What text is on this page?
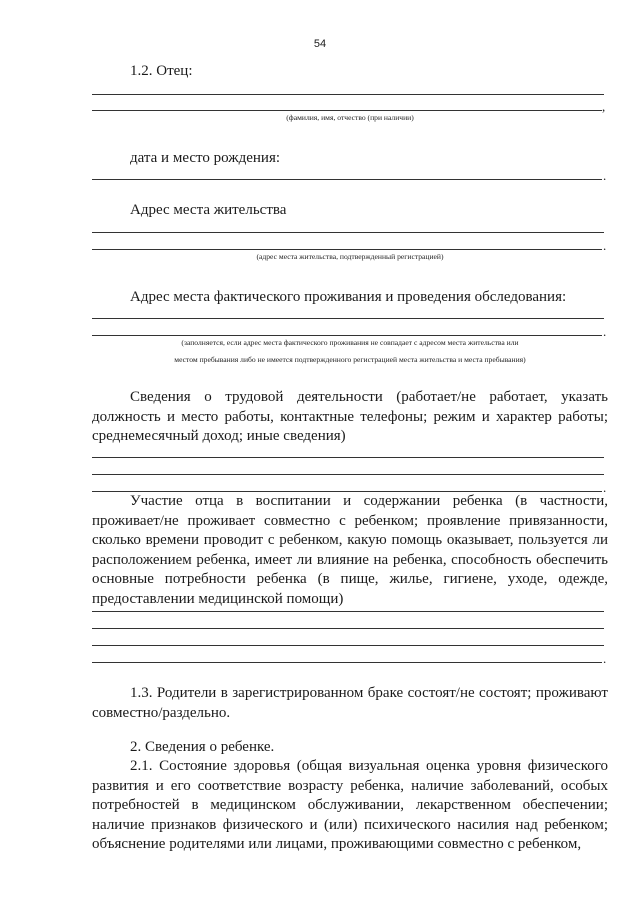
54
1.2. Отец:
,
(фамилия, имя, отчество (при наличии)
дата и место рождения:
.
Адрес места жительства
.
(адрес места жительства, подтвержденный регистрацией)
Адрес места фактического проживания и проведения обследования:
.
(заполняется, если адрес места фактического проживания не совпадает с адресом места жительства или
местом пребывания либо не имеется подтвержденного регистрацией места жительства и места пребывания)
Сведения о трудовой деятельности (работает/не работает, указать должность и место работы, контактные телефоны; режим и характер работы; среднемесячный доход; иные сведения)
.
Участие отца в воспитании и содержании ребенка (в частности, проживает/не проживает совместно с ребенком; проявление привязанности, сколько времени проводит с ребенком, какую помощь оказывает, пользуется ли расположением ребенка, имеет ли влияние на ребенка, способность обеспечить основные потребности ребенка (в пище, жилье, гигиене, уходе, одежде, предоставлении медицинской помощи)
.
1.3. Родители в зарегистрированном браке состоят/не состоят; проживают совместно/раздельно.
2. Сведения о ребенке.
2.1. Состояние здоровья (общая визуальная оценка уровня физического развития и его соответствие возрасту ребенка, наличие заболеваний, особых потребностей в медицинском обслуживании, лекарственном обеспечении; наличие признаков физического и (или) психического насилия над ребенком; объяснение родителями или лицами, проживающими совместно с ребенком,
